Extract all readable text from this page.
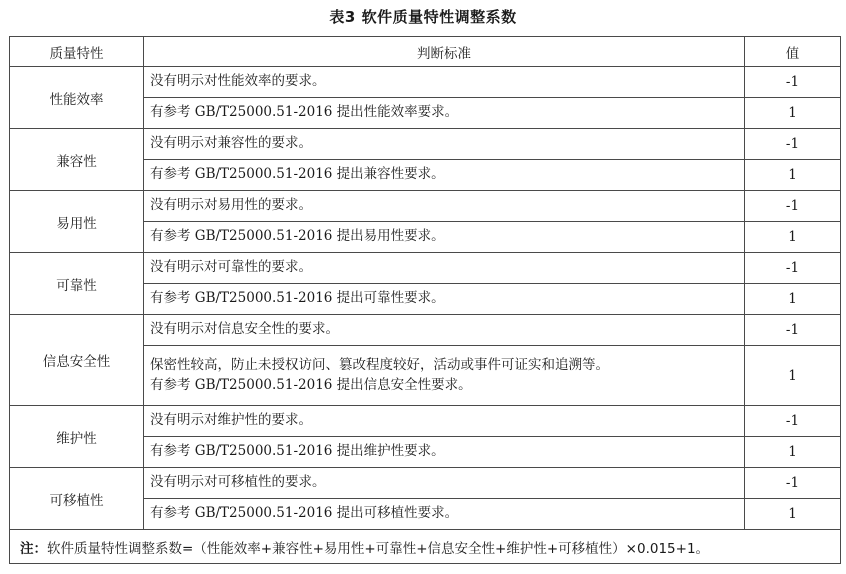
表3 软件质量特性调整系数
质量特性	判断标准	值
性能效率	没有明示对性能效率的要求。	-1
	有参考 GB/T25000.51-2016 提出性能效率要求。	1
兼容性	没有明示对兼容性的要求。	-1
	有参考 GB/T25000.51-2016 提出兼容性要求。	1
易用性	没有明示对易用性的要求。	-1
	有参考 GB/T25000.51-2016 提出易用性要求。	1
可靠性	没有明示对可靠性的要求。	-1
	有参考 GB/T25000.51-2016 提出可靠性要求。	1
信息安全性	没有明示对信息安全性的要求。	-1

	保密性较高，防止未授权访问、篡改程度较好，活动或事件可证实和追溯等。
有参考 GB/T25000.51-2016 提出信息安全性要求。	1
维护性	没有明示对维护性的要求。	-1
	有参考 GB/T25000.51-2016 提出维护性要求。	1
可移植性	没有明示对可移植性的要求。	-1
	有参考 GB/T25000.51-2016 提出可移植性要求。	1
注：软件质量特性调整系数=（性能效率+兼容性+易用性+可靠性+信息安全性+维护性+可移植性）×0.015+1。		
